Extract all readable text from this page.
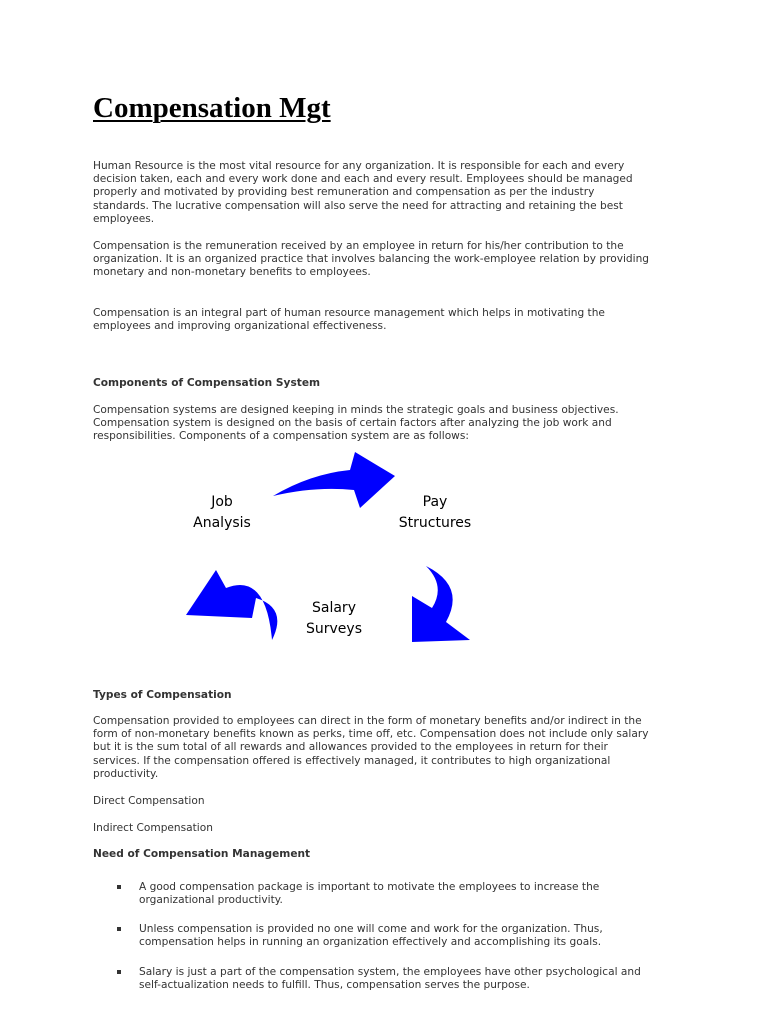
Compensation Mgt

Human Resource is the most vital resource for any organization. It is responsible for each and every
decision taken, each and every work done and each and every result. Employees should be managed
properly and motivated by providing best remuneration and compensation as per the industry
standards. The lucrative compensation will also serve the need for attracting and retaining the best
employees.

Compensation is the remuneration received by an employee in return for his/her contribution to the
organization. It is an organized practice that involves balancing the work-employee relation by providing
monetary and non-monetary benefits to employees.

Compensation is an integral part of human resource management which helps in motivating the
employees and improving organizational effectiveness.

Components of Compensation System

Compensation systems are designed keeping in minds the strategic goals and business objectives.
Compensation system is designed on the basis of certain factors after analyzing the job work and
responsibilities. Components of a compensation system are as follows:

Job
Analysis
Pay
Structures
Salary
Surveys
Types of Compensation

Compensation provided to employees can direct in the form of monetary benefits and/or indirect in the
form of non-monetary benefits known as perks, time off, etc. Compensation does not include only salary
but it is the sum total of all rewards and allowances provided to the employees in return for their
services. If the compensation offered is effectively managed, it contributes to high organizational
productivity.

Direct Compensation

Indirect Compensation

Need of Compensation Management
A good compensation package is important to motivate the employees to increase the
organizational productivity.
Unless compensation is provided no one will come and work for the organization. Thus,
compensation helps in running an organization effectively and accomplishing its goals.
Salary is just a part of the compensation system, the employees have other psychological and
self-actualization needs to fulfill. Thus, compensation serves the purpose.
